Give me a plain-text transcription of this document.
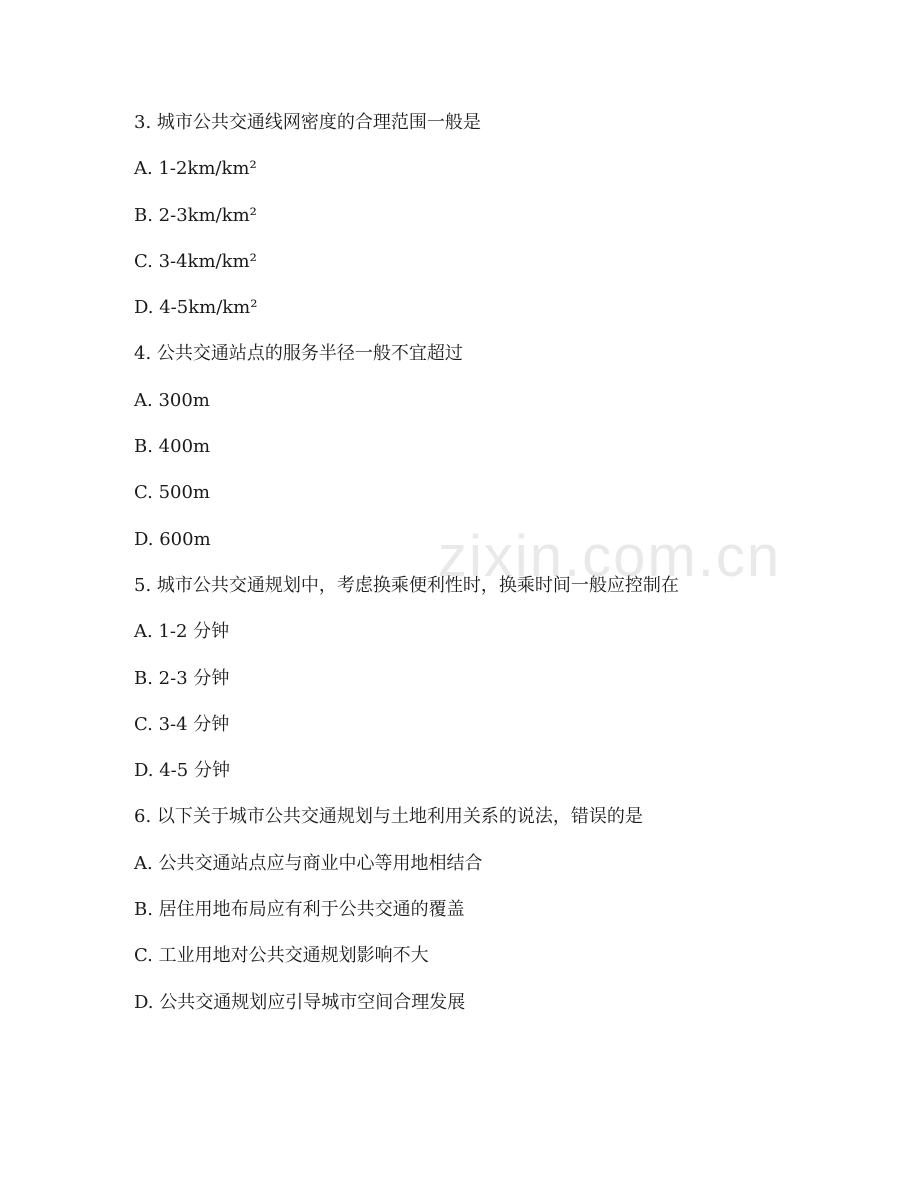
zixin.com.cn
3. 城市公共交通线网密度的合理范围一般是
A. 1-2km/km²
B. 2-3km/km²
C. 3-4km/km²
D. 4-5km/km²
4. 公共交通站点的服务半径一般不宜超过
A. 300m
B. 400m
C. 500m
D. 600m
5. 城市公共交通规划中，考虑换乘便利性时，换乘时间一般应控制在
A. 1-2 分钟
B. 2-3 分钟
C. 3-4 分钟
D. 4-5 分钟
6. 以下关于城市公共交通规划与土地利用关系的说法，错误的是
A. 公共交通站点应与商业中心等用地相结合
B. 居住用地布局应有利于公共交通的覆盖
C. 工业用地对公共交通规划影响不大
D. 公共交通规划应引导城市空间合理发展
